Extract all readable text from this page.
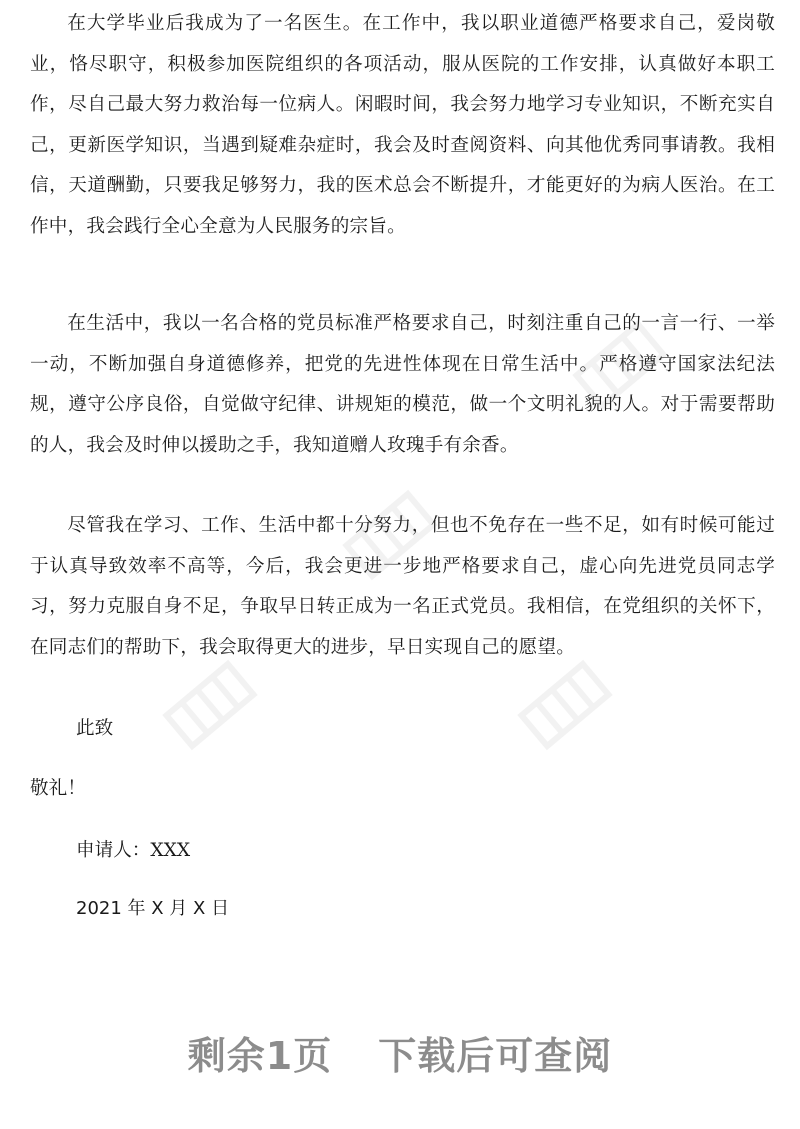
在大学毕业后我成为了一名医生。在工作中，我以职业道德严格要求自己，爱岗敬业，恪尽职守，积极参加医院组织的各项活动，服从医院的工作安排，认真做好本职工作，尽自己最大努力救治每一位病人。闲暇时间，我会努力地学习专业知识，不断充实自己，更新医学知识，当遇到疑难杂症时，我会及时查阅资料、向其他优秀同事请教。我相信，天道酬勤，只要我足够努力，我的医术总会不断提升，才能更好的为病人医治。在工作中，我会践行全心全意为人民服务的宗旨。

在生活中，我以一名合格的党员标准严格要求自己，时刻注重自己的一言一行、一举一动，不断加强自身道德修养，把党的先进性体现在日常生活中。严格遵守国家法纪法规，遵守公序良俗，自觉做守纪律、讲规矩的模范，做一个文明礼貌的人。对于需要帮助的人，我会及时伸以援助之手，我知道赠人玫瑰手有余香。

尽管我在学习、工作、生活中都十分努力，但也不免存在一些不足，如有时候可能过于认真导致效率不高等，今后，我会更进一步地严格要求自己，虚心向先进党员同志学习，努力克服自身不足，争取早日转正成为一名正式党员。我相信，在党组织的关怀下，在同志们的帮助下，我会取得更大的进步，早日实现自己的愿望。

此致

敬礼！

申请人：XXX

2021 年 X 月 X 日

剩余1页 下载后可查阅
